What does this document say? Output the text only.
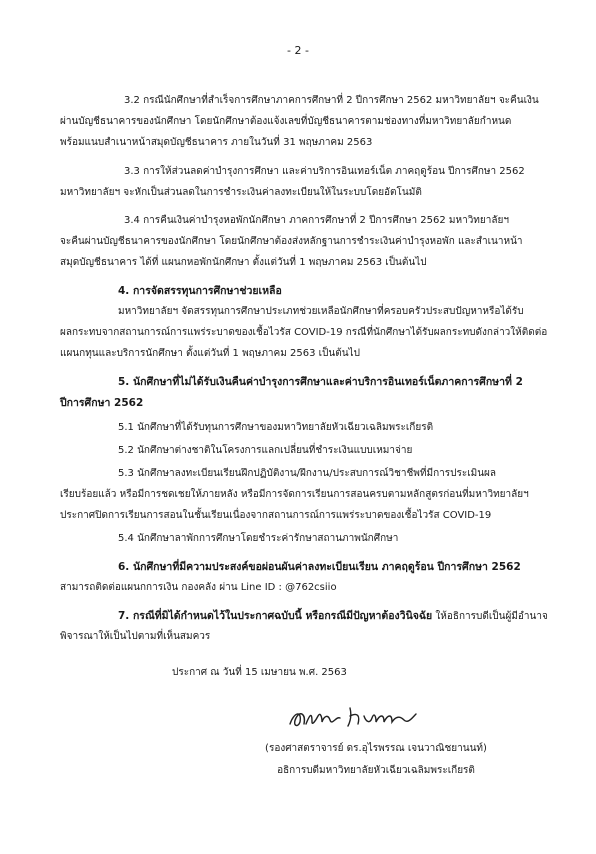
- 2 -
3.2 กรณีนักศึกษาที่สำเร็จการศึกษาภาคการศึกษาที่ 2 ปีการศึกษา 2562 มหาวิทยาลัยฯ จะคืนเงิน
ผ่านบัญชีธนาคารของนักศึกษา โดยนักศึกษาต้องแจ้งเลขที่บัญชีธนาคารตามช่องทางที่มหาวิทยาลัยกำหนด
พร้อมแนบสำเนาหน้าสมุดบัญชีธนาคาร ภายในวันที่ 31 พฤษภาคม 2563
3.3 การให้ส่วนลดค่าบำรุงการศึกษา และค่าบริการอินเทอร์เน็ต ภาคฤดูร้อน ปีการศึกษา 2562
มหาวิทยาลัยฯ จะหักเป็นส่วนลดในการชำระเงินค่าลงทะเบียนให้ในระบบโดยอัตโนมัติ
3.4 การคืนเงินค่าบำรุงหอพักนักศึกษา ภาคการศึกษาที่ 2 ปีการศึกษา 2562 มหาวิทยาลัยฯ
จะคืนผ่านบัญชีธนาคารของนักศึกษา โดยนักศึกษาต้องส่งหลักฐานการชำระเงินค่าบำรุงหอพัก และสำเนาหน้า
สมุดบัญชีธนาคาร ได้ที่ แผนกหอพักนักศึกษา ตั้งแต่วันที่ 1 พฤษภาคม 2563 เป็นต้นไป
4. การจัดสรรทุนการศึกษาช่วยเหลือ
มหาวิทยาลัยฯ จัดสรรทุนการศึกษาประเภทช่วยเหลือนักศึกษาที่ครอบครัวประสบปัญหาหรือได้รับ
ผลกระทบจากสถานการณ์การแพร่ระบาดของเชื้อไวรัส COVID-19 กรณีที่นักศึกษาได้รับผลกระทบดังกล่าวให้ติดต่อ
แผนกทุนและบริการนักศึกษา ตั้งแต่วันที่ 1 พฤษภาคม 2563 เป็นต้นไป
5. นักศึกษาที่ไม่ได้รับเงินคืนค่าบำรุงการศึกษาและค่าบริการอินเทอร์เน็ตภาคการศึกษาที่ 2
ปีการศึกษา 2562
5.1 นักศึกษาที่ได้รับทุนการศึกษาของมหาวิทยาลัยหัวเฉียวเฉลิมพระเกียรติ
5.2 นักศึกษาต่างชาติในโครงการแลกเปลี่ยนที่ชำระเงินแบบเหมาจ่าย
5.3 นักศึกษาลงทะเบียนเรียนฝึกปฏิบัติงาน/ฝึกงาน/ประสบการณ์วิชาชีพที่มีการประเมินผล
เรียบร้อยแล้ว หรือมีการชดเชยให้ภายหลัง หรือมีการจัดการเรียนการสอนครบตามหลักสูตรก่อนที่มหาวิทยาลัยฯ
ประกาศปิดการเรียนการสอนในชั้นเรียนเนื่องจากสถานการณ์การแพร่ระบาดของเชื้อไวรัส COVID-19
5.4 นักศึกษาลาพักการศึกษาโดยชำระค่ารักษาสถานภาพนักศึกษา
6. นักศึกษาที่มีความประสงค์ขอผ่อนผันค่าลงทะเบียนเรียน ภาคฤดูร้อน ปีการศึกษา 2562
สามารถติดต่อแผนกการเงิน กองคลัง ผ่าน Line ID : @762csiio
7. กรณีที่มิได้กำหนดไว้ในประกาศฉบับนี้ หรือกรณีมีปัญหาต้องวินิจฉัย ให้อธิการบดีเป็นผู้มีอำนาจ
พิจารณาให้เป็นไปตามที่เห็นสมควร
ประกาศ ณ วันที่ 15 เมษายน พ.ศ. 2563
(รองศาสตราจารย์ ดร.อุไรพรรณ เจนวาณิชยานนท์)
อธิการบดีมหาวิทยาลัยหัวเฉียวเฉลิมพระเกียรติ
